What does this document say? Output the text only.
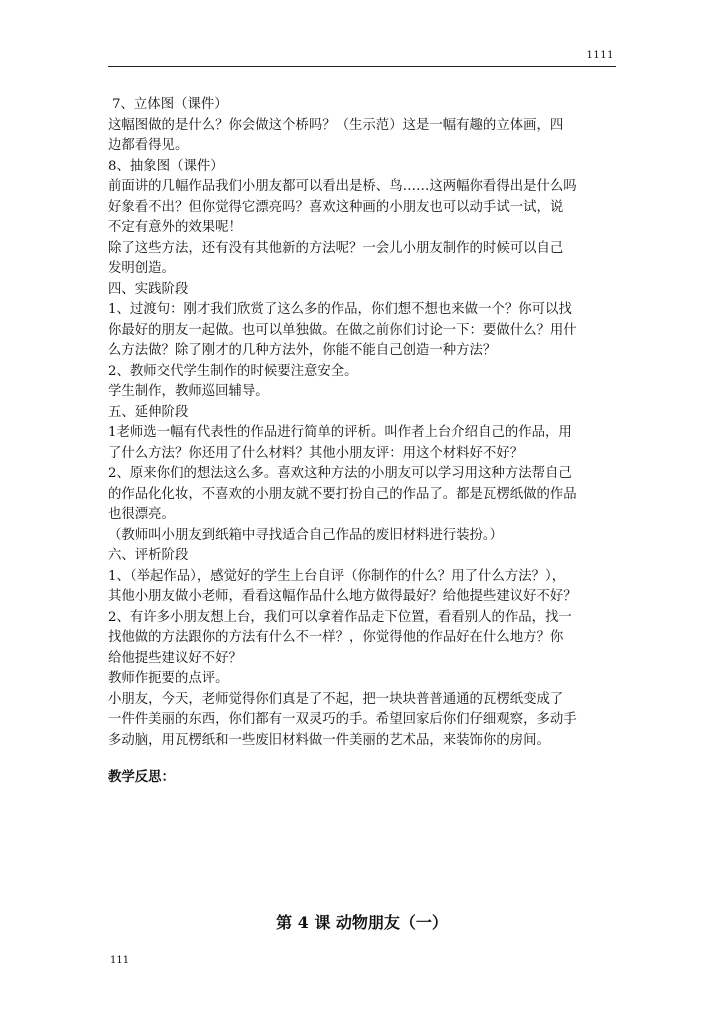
1111
7、立体图（课件）
这幅图做的是什么？你会做这个桥吗？（生示范）这是一幅有趣的立体画，四
边都看得见。
8、抽象图（课件）
前面讲的几幅作品我们小朋友都可以看出是桥、鸟……这两幅你看得出是什么吗
好象看不出？但你觉得它漂亮吗？喜欢这种画的小朋友也可以动手试一试，说
不定有意外的效果呢！
除了这些方法，还有没有其他新的方法呢？一会儿小朋友制作的时候可以自己
发明创造。
四、实践阶段
1、过渡句：刚才我们欣赏了这么多的作品，你们想不想也来做一个？你可以找
你最好的朋友一起做。也可以单独做。在做之前你们讨论一下：要做什么？用什
么方法做？除了刚才的几种方法外，你能不能自己创造一种方法？
2、教师交代学生制作的时候要注意安全。
学生制作，教师巡回辅导。
五、延伸阶段
1老师选一幅有代表性的作品进行简单的评析。叫作者上台介绍自己的作品，用
了什么方法？你还用了什么材料？其他小朋友评：用这个材料好不好？
2、原来你们的想法这么多。喜欢这种方法的小朋友可以学习用这种方法帮自己
的作品化化妆，不喜欢的小朋友就不要打扮自己的作品了。都是瓦楞纸做的作品
也很漂亮。
（教师叫小朋友到纸箱中寻找适合自己作品的废旧材料进行装扮。）
六、评析阶段
1、（举起作品），感觉好的学生上台自评（你制作的什么？用了什么方法？），
其他小朋友做小老师，看看这幅作品什么地方做得最好？给他提些建议好不好？
2、有许多小朋友想上台，我们可以拿着作品走下位置，看看别人的作品，找一
找他做的方法跟你的方法有什么不一样？，你觉得他的作品好在什么地方？你
给他提些建议好不好？
教师作扼要的点评。
小朋友，今天，老师觉得你们真是了不起，把一块块普普通通的瓦楞纸变成了
一件件美丽的东西，你们都有一双灵巧的手。希望回家后你们仔细观察，多动手
多动脑，用瓦楞纸和一些废旧材料做一件美丽的艺术品，来装饰你的房间。
教学反思：
第 4 课 动物朋友（一）
111
